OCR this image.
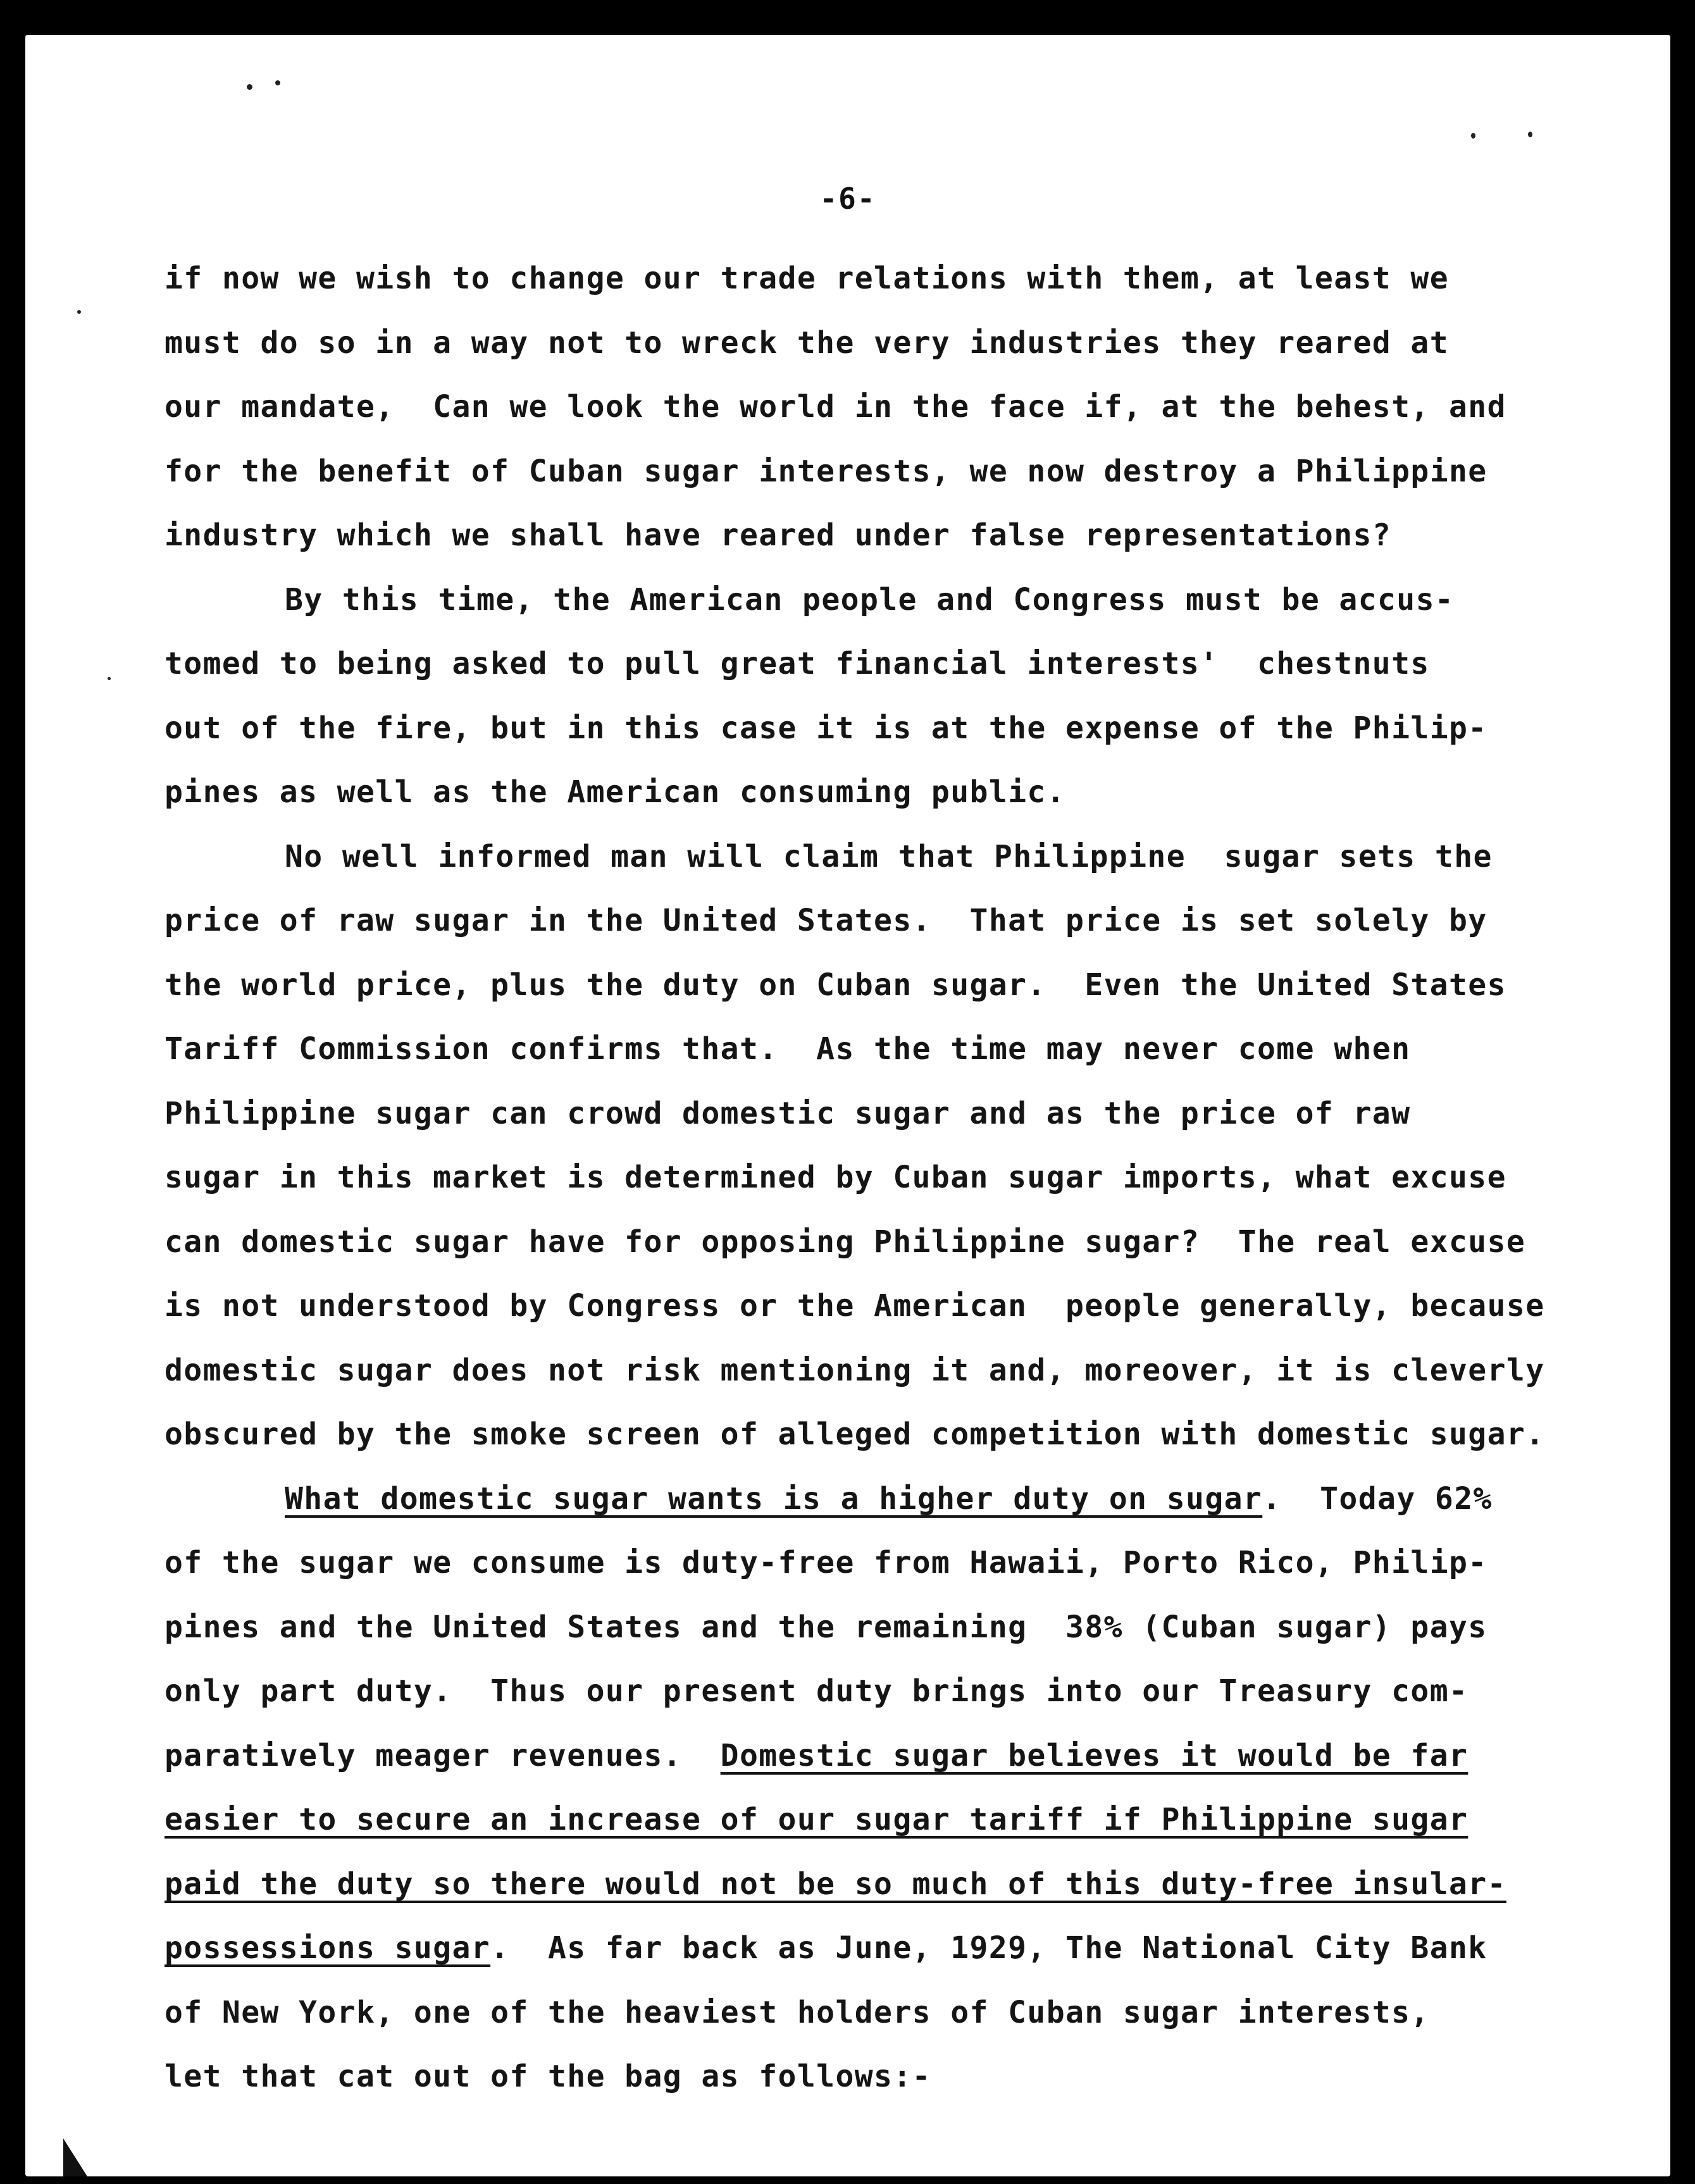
-6-
if now we wish to change our trade relations with them, at least we
must do so in a way not to wreck the very industries they reared at
our mandate,  Can we look the world in the face if, at the behest, and
for the benefit of Cuban sugar interests, we now destroy a Philippine
industry which we shall have reared under false representations?
By this time, the American people and Congress must be accus-
tomed to being asked to pull great financial interests'  chestnuts
out of the fire, but in this case it is at the expense of the Philip-
pines as well as the American consuming public.
No well informed man will claim that Philippine  sugar sets the
price of raw sugar in the United States.  That price is set solely by
the world price, plus the duty on Cuban sugar.  Even the United States
Tariff Commission confirms that.  As the time may never come when
Philippine sugar can crowd domestic sugar and as the price of raw
sugar in this market is determined by Cuban sugar imports, what excuse
can domestic sugar have for opposing Philippine sugar?  The real excuse
is not understood by Congress or the American  people generally, because
domestic sugar does not risk mentioning it and, moreover, it is cleverly
obscured by the smoke screen of alleged competition with domestic sugar.
What domestic sugar wants is a higher duty on sugar.  Today 62%
of the sugar we consume is duty-free from Hawaii, Porto Rico, Philip-
pines and the United States and the remaining  38% (Cuban sugar) pays
only part duty.  Thus our present duty brings into our Treasury com-
paratively meager revenues.  Domestic sugar believes it would be far
easier to secure an increase of our sugar tariff if Philippine sugar
paid the duty so there would not be so much of this duty-free insular-
possessions sugar.  As far back as June, 1929, The National City Bank
of New York, one of the heaviest holders of Cuban sugar interests,
let that cat out of the bag as follows:-
